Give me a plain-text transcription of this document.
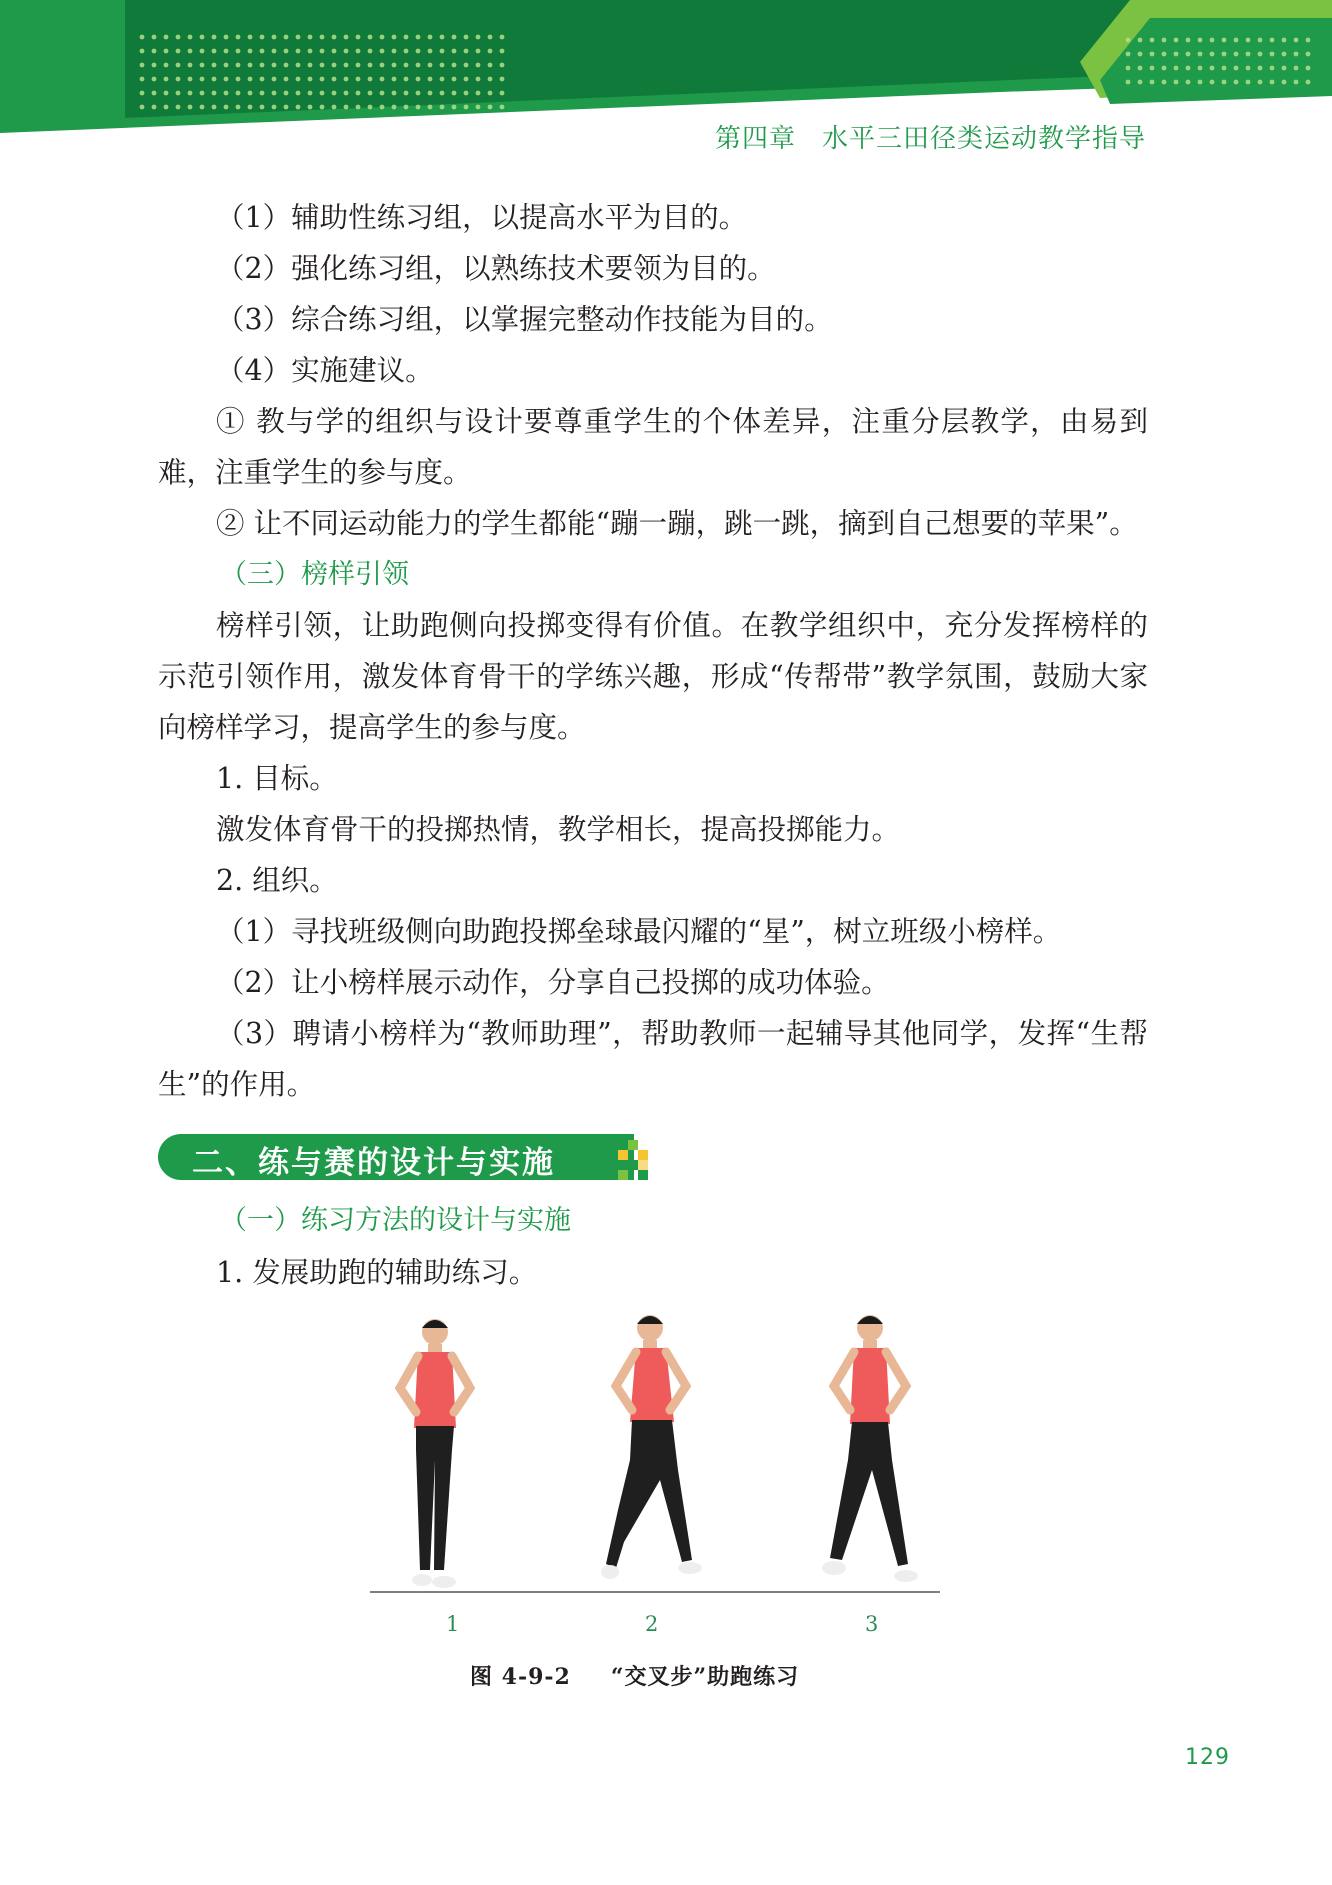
第四章 水平三田径类运动教学指导

（1）辅助性练习组，以提高水平为目的。

（2）强化练习组，以熟练技术要领为目的。

（3）综合练习组，以掌握完整动作技能为目的。

（4）实施建议。

① 教与学的组织与设计要尊重学生的个体差异，注重分层教学，由易到难，注重学生的参与度。

② 让不同运动能力的学生都能“蹦一蹦，跳一跳，摘到自己想要的苹果”。

（三）榜样引领

榜样引领，让助跑侧向投掷变得有价值。在教学组织中，充分发挥榜样的示范引领作用，激发体育骨干的学练兴趣，形成“传帮带”教学氛围，鼓励大家向榜样学习，提高学生的参与度。

1. 目标。

激发体育骨干的投掷热情，教学相长，提高投掷能力。

2. 组织。

（1）寻找班级侧向助跑投掷垒球最闪耀的“星”，树立班级小榜样。

（2）让小榜样展示动作，分享自己投掷的成功体验。

（3）聘请小榜样为“教师助理”，帮助教师一起辅导其他同学，发挥“生帮生”的作用。

二、练与赛的设计与实施
（一）练习方法的设计与实施
1. 发展助跑的辅助练习。
1	2	3
图 4-9-2 “交叉步”助跑练习
129
